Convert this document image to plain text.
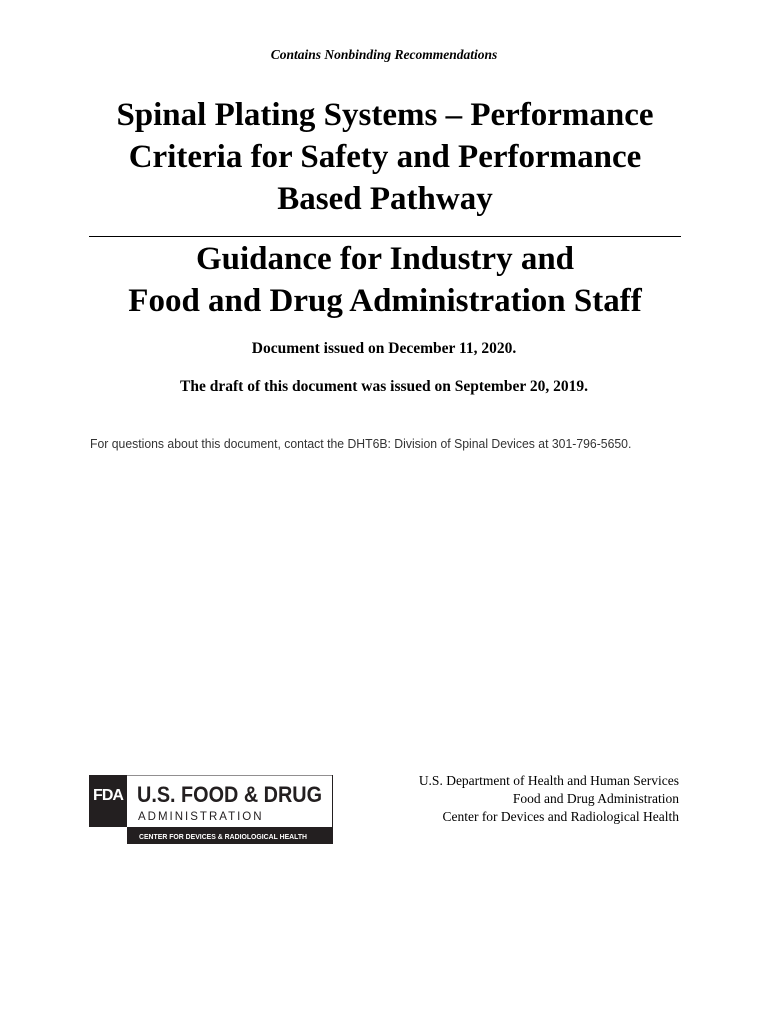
Contains Nonbinding Recommendations
Spinal Plating Systems – Performance
Criteria for Safety and Performance
Based Pathway
Guidance for Industry and
Food and Drug Administration Staff
Document issued on December 11, 2020.
The draft of this document was issued on September 20, 2019.
For questions about this document, contact the DHT6B: Division of Spinal Devices at 301-796-5650.
FDA U.S. FOOD & DRUG
ADMINISTRATION
CENTER FOR DEVICES & RADIOLOGICAL HEALTH
U.S. Department of Health and Human Services
Food and Drug Administration
Center for Devices and Radiological Health
